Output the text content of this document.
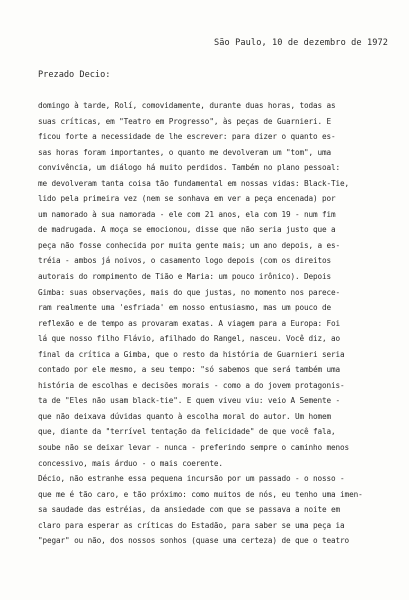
São Paulo, 10 de dezembro de 1972
Prezado Decio:
domingo à tarde, Rolí, comovidamente, durante duas horas, todas as
suas críticas, em "Teatro em Progresso", às peças de Guarnieri. E
ficou forte a necessidade de lhe escrever: para dizer o quanto es-
sas horas foram importantes, o quanto me devolveram um "tom", uma
convivência, um diálogo há muito perdidos. Também no plano pessoal:
me devolveram tanta coisa tão fundamental em nossas vidas: Black-Tie,
lido pela primeira vez (nem se sonhava em ver a peça encenada) por
um namorado à sua namorada - ele com 21 anos, ela com 19 - num fim
de madrugada. A moça se emocionou, disse que não seria justo que a
peça não fosse conhecida por muita gente mais; um ano depois, a es-
tréia - ambos já noivos, o casamento logo depois (com os direitos
autorais do rompimento de Tião e Maria: um pouco irônico). Depois
Gimba: suas observações, mais do que justas, no momento nos parece-
ram realmente uma 'esfriada' em nosso entusiasmo, mas um pouco de
reflexão e de tempo as provaram exatas. A viagem para a Europa: Foi
lá que nosso filho Flávio, afilhado do Rangel, nasceu. Você diz, ao
final da crítica a Gimba, que o resto da história de Guarnieri seria
contado por ele mesmo, a seu tempo: "só sabemos que será também uma
história de escolhas e decisões morais - como a do jovem protagonis-
ta de "Eles não usam black-tie". E quem viveu viu: veio A Semente -
que não deixava dúvidas quanto à escolha moral do autor. Um homem
que, diante da "terrível tentação da felicidade" de que você fala,
soube não se deixar levar - nunca - preferindo sempre o caminho menos
concessivo, mais árduo - o mais coerente.
Décio, não estranhe essa pequena incursão por um passado - o nosso -
que me é tão caro, e tão próximo: como muitos de nós, eu tenho uma imen-
sa saudade das estréias, da ansiedade com que se passava a noite em
claro para esperar as críticas do Estadão, para saber se uma peça ia
"pegar" ou não, dos nossos sonhos (quase uma certeza) de que o teatro
